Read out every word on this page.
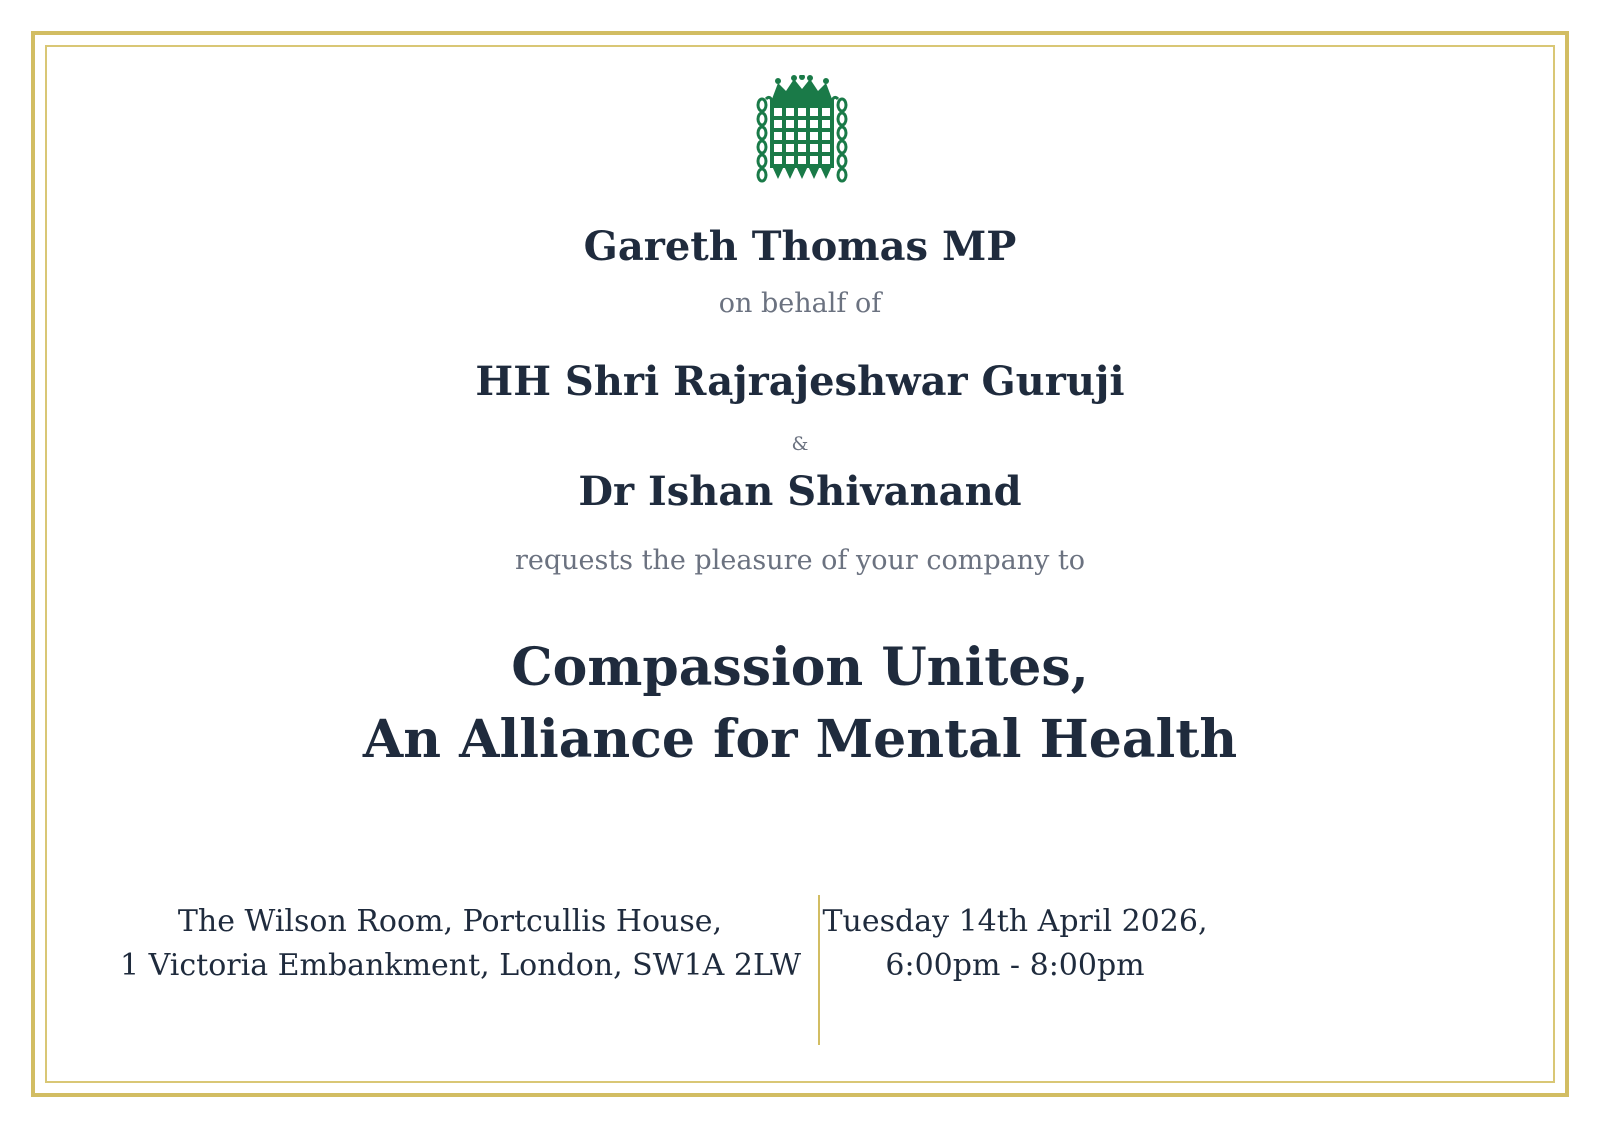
Gareth Thomas MP
on behalf of
HH Shri Rajrajeshwar Guruji
&
Dr Ishan Shivanand
requests the pleasure of your company to
Compassion Unites,
An Alliance for Mental Health
The Wilson Room, Portcullis House,
1 Victoria Embankment, London, SW1A 2LW
Tuesday 14th April 2026,
6:00pm - 8:00pm
